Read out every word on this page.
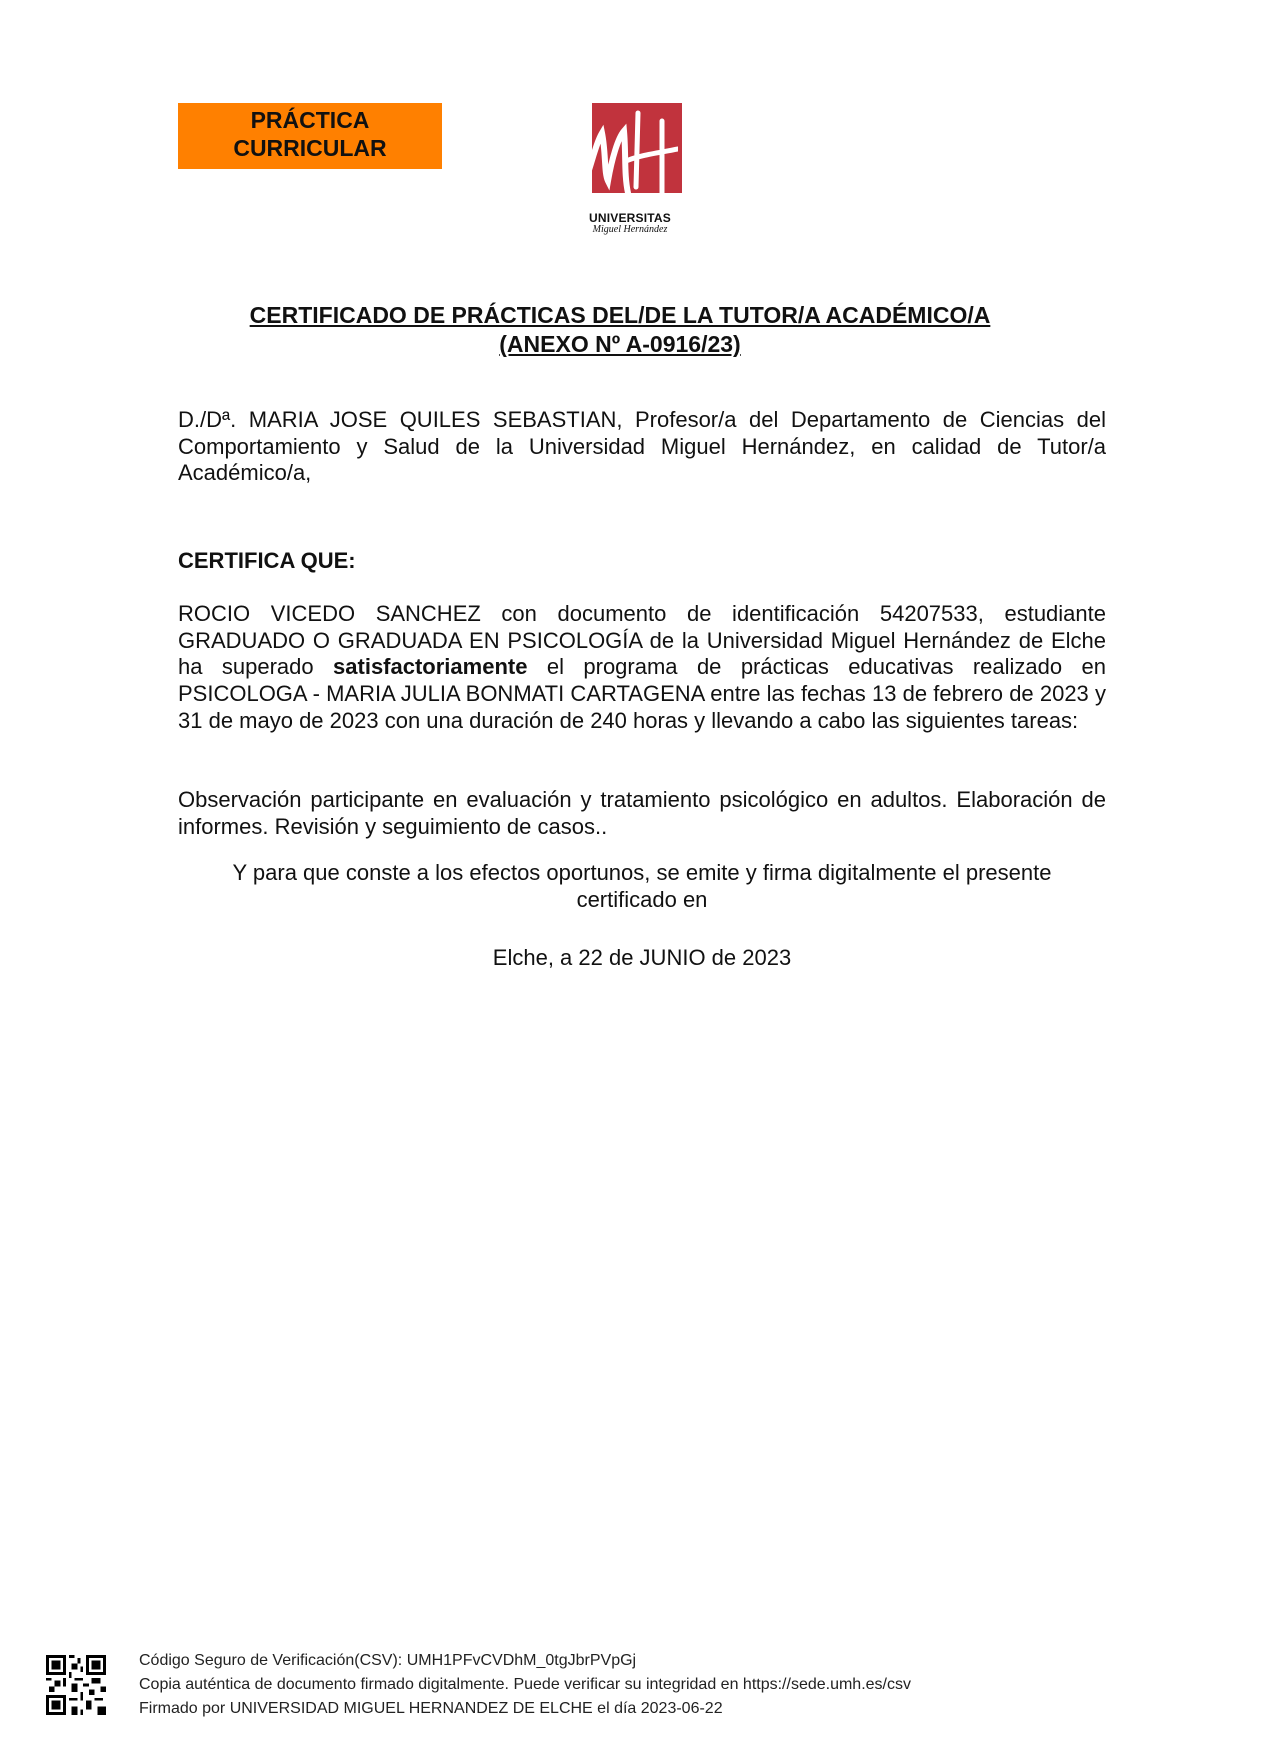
PRÁCTICA
CURRICULAR
UNIVERSITAS
Miguel Hernández
CERTIFICADO DE PRÁCTICAS DEL/DE LA TUTOR/A ACADÉMICO/A
(ANEXO Nº A-0916/23)
D./Dª. MARIA JOSE QUILES SEBASTIAN, Profesor/a del Departamento de Ciencias del Comportamiento y Salud de la Universidad Miguel Hernández, en calidad de Tutor/a Académico/a,
CERTIFICA QUE:
ROCIO VICEDO SANCHEZ con documento de identificación 54207533, estudiante GRADUADO O GRADUADA EN PSICOLOGÍA de la Universidad Miguel Hernández de Elche ha superado satisfactoriamente el programa de prácticas educativas realizado en PSICOLOGA - MARIA JULIA BONMATI CARTAGENA entre las fechas 13 de febrero de 2023 y 31 de mayo de 2023 con una duración de 240 horas y llevando a cabo las siguientes tareas:
Observación participante en evaluación y tratamiento psicológico en adultos. Elaboración de informes. Revisión y seguimiento de casos..
Y para que conste a los efectos oportunos, se emite y firma digitalmente el presente certificado en
Elche, a 22 de JUNIO de 2023
Código Seguro de Verificación(CSV): UMH1PFvCVDhM_0tgJbrPVpGj
Copia auténtica de documento firmado digitalmente. Puede verificar su integridad en https://sede.umh.es/csv
Firmado por UNIVERSIDAD MIGUEL HERNANDEZ DE ELCHE el día 2023-06-22
